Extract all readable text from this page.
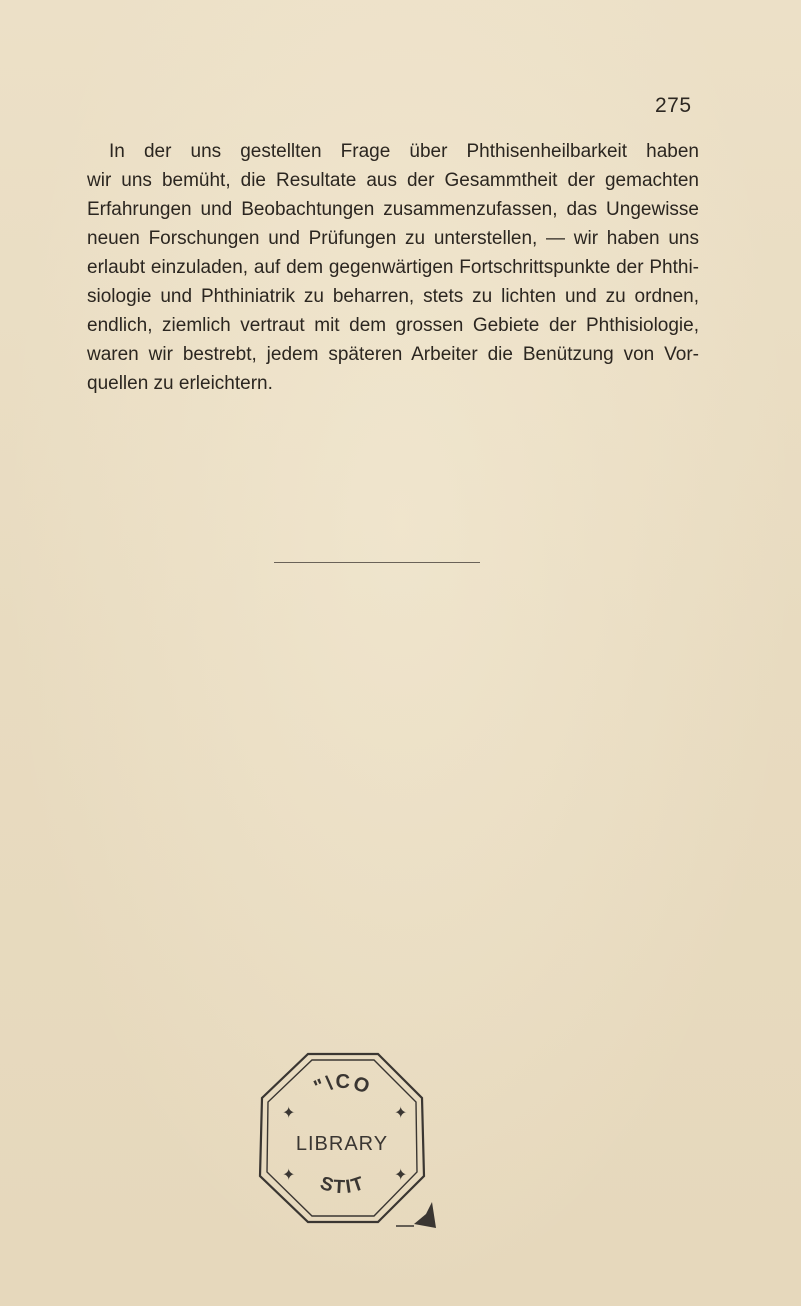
275
In der uns gestellten Frage über Phthisenheilbarkeit haben
wir uns bemüht, die Resultate aus der Gesammtheit der gemachten
Erfahrungen und Beobachtungen zusammenzufassen, das Ungewisse
neuen Forschungen und Prüfungen zu unterstellen, — wir haben uns
erlaubt einzuladen, auf dem gegenwärtigen Fortschrittspunkte der Phthi-
siologie und Phthiniatrik zu beharren, stets zu lichten und zu ordnen,
endlich, ziemlich vertraut mit dem grossen Gebiete der Phthisiologie,
waren wir bestrebt, jedem späteren Arbeiter die Benützung von Vor-
quellen zu erleichtern.
"\CO
LIBRARY
STIT
✦	✦
✦	✦
